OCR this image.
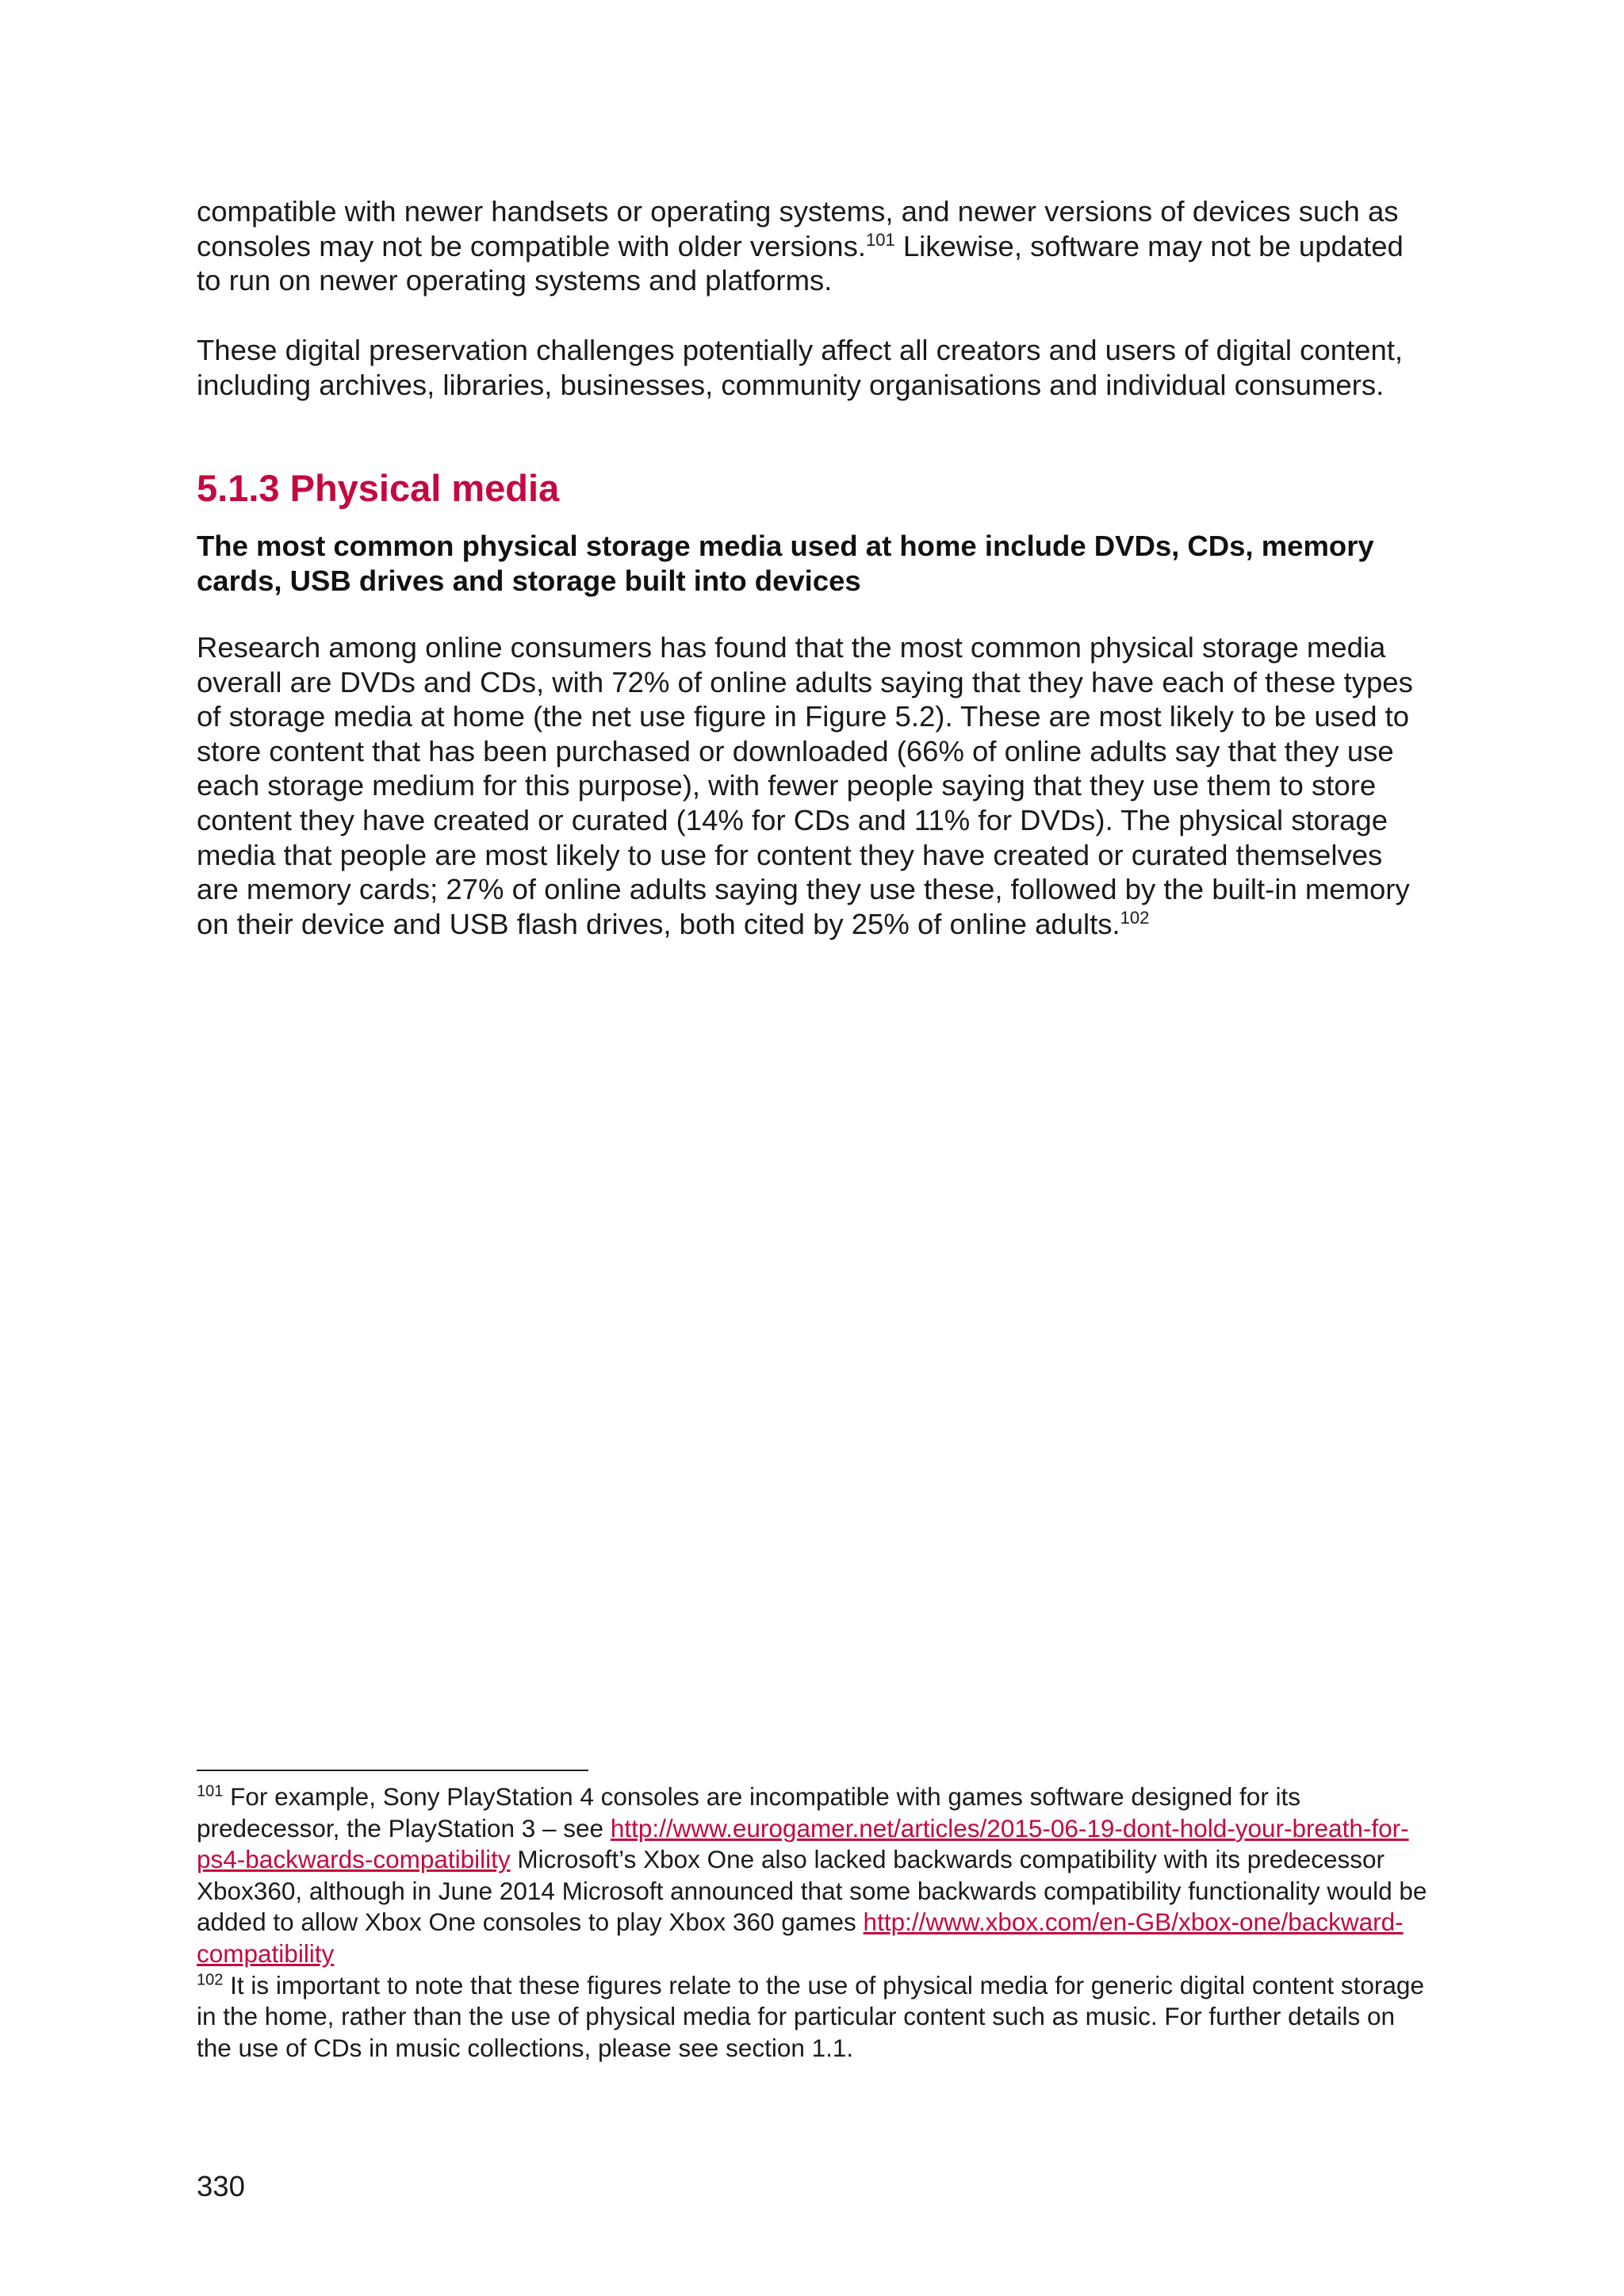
compatible with newer handsets or operating systems, and newer versions of devices such as consoles may not be compatible with older versions.$^{101}$ Likewise, software may not be updated to run on newer operating systems and platforms.

These digital preservation challenges potentially affect all creators and users of digital content, including archives, libraries, businesses, community organisations and individual consumers.

5.1.3 Physical media

The most common physical storage media used at home include DVDs, CDs, memory cards, USB drives and storage built into devices

Research among online consumers has found that the most common physical storage media overall are DVDs and CDs, with 72% of online adults saying that they have each of these types of storage media at home (the net use figure in Figure 5.2). These are most likely to be used to store content that has been purchased or downloaded (66% of online adults say that they use each storage medium for this purpose), with fewer people saying that they use them to store content they have created or curated (14% for CDs and 11% for DVDs). The physical storage media that people are most likely to use for content they have created or curated themselves are memory cards; 27% of online adults saying they use these, followed by the built-in memory on their device and USB flash drives, both cited by 25% of online adults.$^{102}$

$^{101}$ For example, Sony PlayStation 4 consoles are incompatible with games software designed for its predecessor, the PlayStation 3 – see http://www.eurogamer.net/articles/2015-06-19-dont-hold-your-breath-for-ps4-backwards-compatibility Microsoft’s Xbox One also lacked backwards compatibility with its predecessor Xbox360, although in June 2014 Microsoft announced that some backwards compatibility functionality would be added to allow Xbox One consoles to play Xbox 360 games http://www.xbox.com/en-GB/xbox-one/backward-compatibility

$^{102}$ It is important to note that these figures relate to the use of physical media for generic digital content storage in the home, rather than the use of physical media for particular content such as music. For further details on the use of CDs in music collections, please see section 1.1.

330
